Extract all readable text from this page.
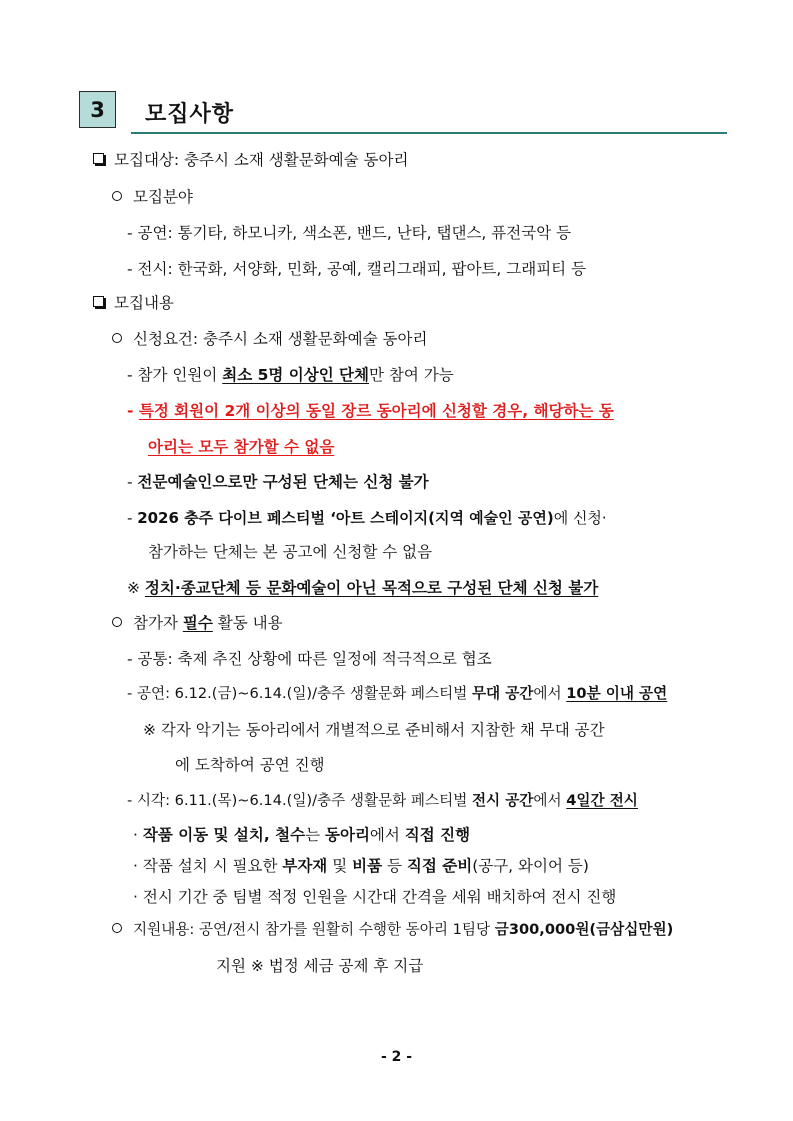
3 모집사항
모집대상: 충주시 소재 생활문화예술 동아리
모집분야
- 공연: 통기타, 하모니카, 색소폰, 밴드, 난타, 탭댄스, 퓨전국악 등
- 전시: 한국화, 서양화, 민화, 공예, 캘리그래피, 팝아트, 그래피티 등
모집내용
신청요건: 충주시 소재 생활문화예술 동아리
- 참가 인원이 최소 5명 이상인 단체만 참여 가능
- 특정 회원이 2개 이상의 동일 장르 동아리에 신청할 경우, 해당하는 동
아리는 모두 참가할 수 없음
- 전문예술인으로만 구성된 단체는 신청 불가
- 2026 충주 다이브 페스티벌 ‘아트 스테이지(지역 예술인 공연)에 신청·
참가하는 단체는 본 공고에 신청할 수 없음
※ 정치·종교단체 등 문화예술이 아닌 목적으로 구성된 단체 신청 불가
참가자 필수 활동 내용
- 공통: 축제 추진 상황에 따른 일정에 적극적으로 협조
- 공연: 6.12.(금)~6.14.(일)/충주 생활문화 페스티벌 무대 공간에서 10분 이내 공연
※ 각자 악기는 동아리에서 개별적으로 준비해서 지참한 채 무대 공간
에 도착하여 공연 진행
- 시각: 6.11.(목)~6.14.(일)/충주 생활문화 페스티벌 전시 공간에서 4일간 전시
· 작품 이동 및 설치, 철수는 동아리에서 직접 진행
· 작품 설치 시 필요한 부자재 및 비품 등 직접 준비(공구, 와이어 등)
· 전시 기간 중 팀별 적정 인원을 시간대 간격을 세워 배치하여 전시 진행
지원내용: 공연/전시 참가를 원활히 수행한 동아리 1팀당 금300,000원(금삼십만원)
지원 ※ 법정 세금 공제 후 지급
- 2 -
